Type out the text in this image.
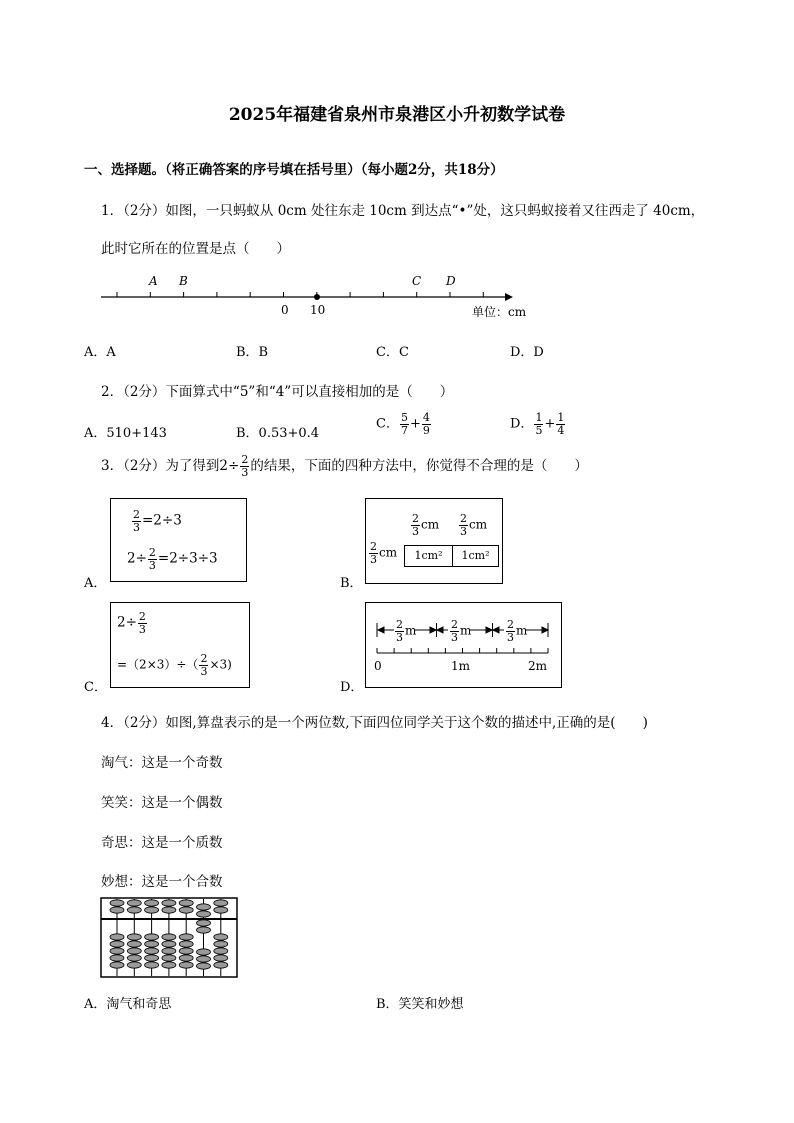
2025年福建省泉州市泉港区小升初数学试卷
一、选择题。（将正确答案的序号填在括号里）（每小题2分，共18分）
1．（2分）如图，一只蚂蚁从 0cm 处往东走 10cm 到达点“•”处，这只蚂蚁接着又往西走了 40cm，
此时它所在的位置是点（　　）
A B	C D
0 10	单位：cm
A．A	B．B	C．C	D．D
2．（2分）下面算式中“5”和“4”可以直接相加的是（　　）
A．510+143	B．0.53+0.4
C． $\frac{5}{7} + \frac{4}{9}$	D． $\frac{1}{5} + \frac{1}{4}$
3．（2分）为了得到$2\div \frac{2}{3}$ 的结果，下面的四种方法中，你觉得不合理的是（　　）
A．
$\frac{2}{3} =2\div 3$
$2\div \frac{2}{3} =2\div 3\div 3$
B．
$\frac{2}{3}$ cm $\frac{2}{3}$ cm
$\frac{2}{3}$ cm	1cm²	1cm²
C．
$2\div \frac{2}{3}$
$=(2\times 3)\div( \frac{2}{3} \times 3)$
D．
$\frac{2}{3}$ m	$\frac{2}{3}$ m	$\frac{2}{3}$ m
0	1m	2m
4．（2分）如图,算盘表示的是一个两位数,下面四位同学关于这个数的描述中,正确的是(　　)
淘气：这是一个奇数
笑笑：这是一个偶数
奇思：这是一个质数
妙想：这是一个合数
A．淘气和奇思	B．笑笑和妙想
